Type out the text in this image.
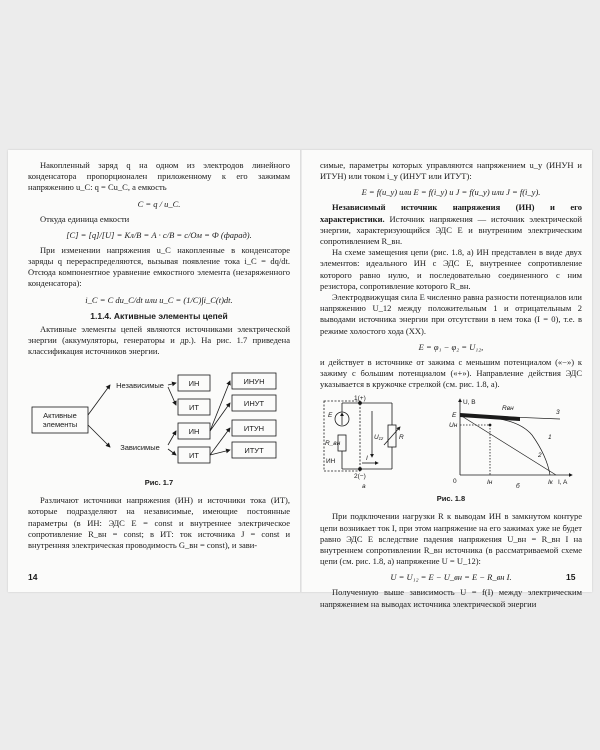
Накопленный заряд q на одном из электродов линейного конденсатора пропорционален приложенному к его зажимам напряжению u_C: q = Cu_C, а емкость

C = q / u_C.

Откуда единица емкости

[C] = [q]/[U] = Кл/В = А · с/В = с/Ом = Ф (фарад).

При изменении напряжения u_C накопленные в конденсаторе заряды q перераспределяются, вызывая появление тока i_C = dq/dt. Отсюда компонентное уравнение емкостного элемента (незаряженного конденсатора):

i_C = C du_C/dt или u_C = (1/C)∫i_C(t)dt.
1.1.4. Активные элементы цепей

Активные элементы цепей являются источниками электрической энергии (аккумуляторы, генераторы и др.). На рис. 1.7 приведена классификация источников энергии.

Активные
элементы
Независимые
Зависимые
ИН
ИТ
ИН
ИТ
ИНУН
ИНУТ
ИТУН
ИТУТ
Рис. 1.7

Различают источники напряжения (ИН) и источники тока (ИТ), которые подразделяют на независимые, имеющие постоянные параметры (в ИН: ЭДС E = const и внутреннее электрическое сопротивление R_вн = const; в ИТ: ток источника J = const и внутренняя электрическая проводимость G_вн = const), и зави-

14

симые, параметры которых управляются напряжением u_y (ИНУН и ИТУН) или током i_y (ИНУТ или ИТУТ):

E = f(u_y) или E = f(i_y) и J = f(u_y) или J = f(i_y).

Независимый источник напряжения (ИН) и его характеристики. Источник напряжения — источник электрической энергии, характеризующийся ЭДС E и внутренним электрическим сопротивлением R_вн.

На схеме замещения цепи (рис. 1.8, а) ИН представлен в виде двух элементов: идеального ИН с ЭДС E, внутреннее сопротивление которого равно нулю, и последовательно соединенного с ним резистора, сопротивление которого R_вн.

Электродвижущая сила E численно равна разности потенциалов или напряжению U_12 между положительным 1 и отрицательным 2 выводами источника энергии при отсутствии в нем тока (I = 0), т.е. в режиме холостого хода (XX).

E = φ₁ − φ₂ = U₁₂,

и действует в источнике от зажима с меньшим потенциалом («−») к зажиму с большим потенциалом («+»). Направление действия ЭДС указывается в кружочке стрелкой (см. рис. 1.8, а).

1(+)
2(−)
E
R_вн
ИН
U₁₂ R
I
а
U, В
I, A
0
E
Uн
Iк
Iн
Rвн
1
2
3
б
Рис. 1.8

При подключении нагрузки R к выводам ИН в замкнутом контуре цепи возникает ток I, при этом напряжение на его зажимах уже не будет равно ЭДС E вследствие падения напряжения U_вн = R_вн I на внутреннем сопротивлении R_вн источника (в рассматриваемой схеме цепи (см. рис. 1.8, а) напряжение U = U_12):

U = U₁₂ = E − U_вн = E − R_вн I.

Полученную выше зависимость U = f(I) между электрическим напряжением на выводах источника электрической энергии

15
